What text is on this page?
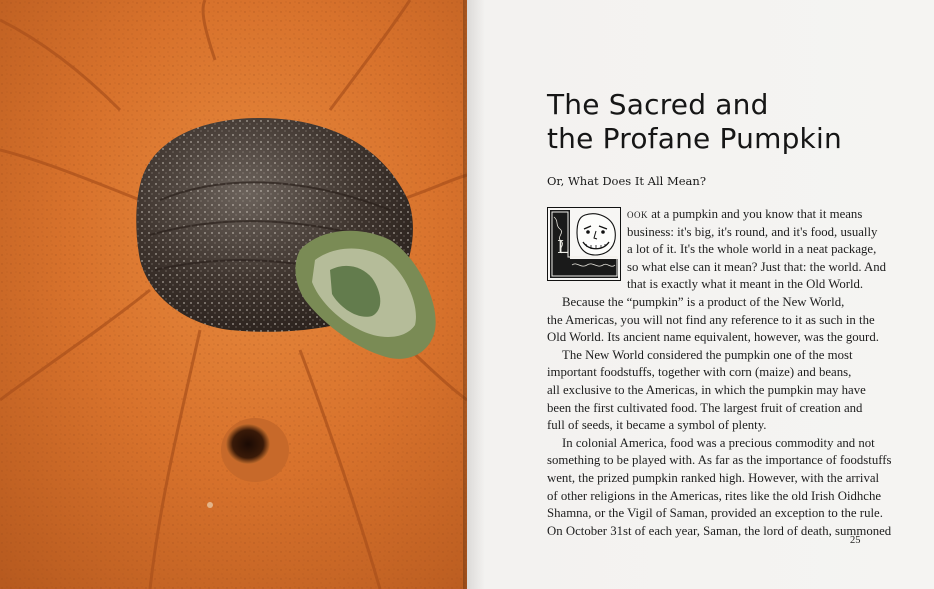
The Sacred and
the Profane Pumpkin
Or, What Does It All Mean?
L
ook at a pumpkin and you know that it means
business: it's big, it's round, and it's food, usually
a lot of it. It's the whole world in a neat package,
so what else can it mean? Just that: the world. And
that is exactly what it meant in the Old World.
Because the “pumpkin” is a product of the New World,
the Americas, you will not find any reference to it as such in the
Old World. Its ancient name equivalent, however, was the gourd.
The New World considered the pumpkin one of the most
important foodstuffs, together with corn (maize) and beans,
all exclusive to the Americas, in which the pumpkin may have
been the first cultivated food. The largest fruit of creation and
full of seeds, it became a symbol of plenty.
In colonial America, food was a precious commodity and not
something to be played with. As far as the importance of foodstuffs
went, the prized pumpkin ranked high. However, with the arrival
of other religions in the Americas, rites like the old Irish Oidhche
Shamna, or the Vigil of Saman, provided an exception to the rule.
On October 31st of each year, Saman, the lord of death, summoned
25
